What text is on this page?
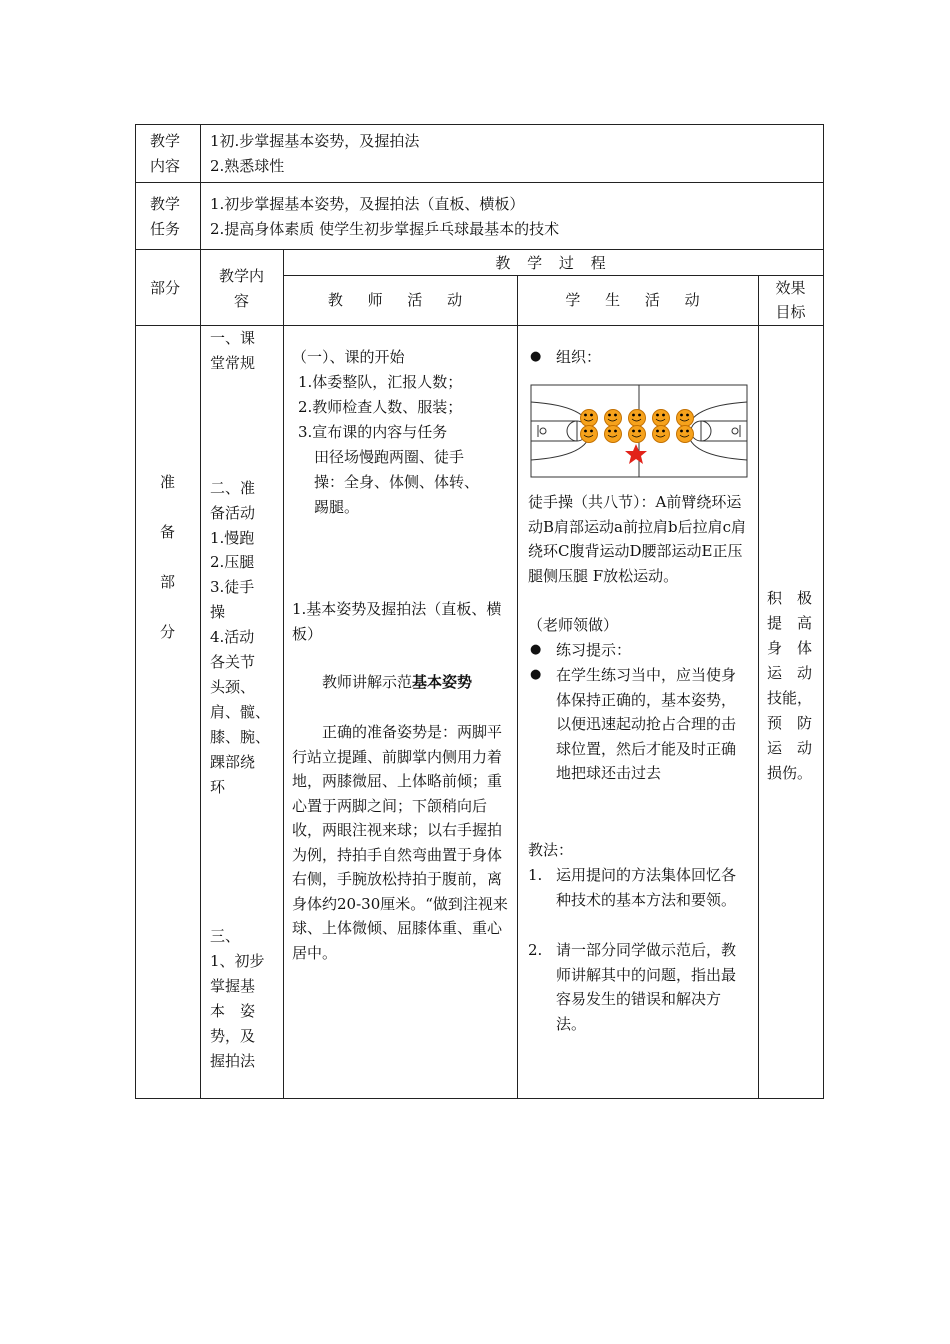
教学
内容
1初.步掌握基本姿势，及握拍法
2.熟悉球性
教学
任务
1.初步掌握基本姿势，及握拍法（直板、横板）
2.提高身体素质 使学生初步掌握乒乓球最基本的技术
部分
教学内
容
教 学 过 程
教 师 活 动	学 生 活 动
效果
目标
准
备
部
分
一、课
堂常规
二、准
备活动
1.慢跑
2.压腿
3.徒手
操
4.活动
各关节
头颈、
肩、髋、
膝、腕、
踝部绕
环
三、
1、初步
掌握基
本　姿
势，及
握拍法
（一）、课的开始
1.体委整队，汇报人数；
2.教师检查人数、服装；
3.宣布课的内容与任务
田径场慢跑两圈、徒手
操：全身、体侧、体转、
踢腿。
1.基本姿势及握拍法（直板、横板）
教师讲解示范基本姿势
正确的准备姿势是：两脚平行站立提踵、前脚掌内侧用力着地，两膝微屈、上体略前倾；重心置于两脚之间；下颌稍向后收，两眼注视来球；以右手握拍为例，持拍手自然弯曲置于身体右侧，手腕放松持拍于腹前，离身体约20-30厘米。“做到注视来球、上体微倾、屈膝体重、重心居中。
● 组织：
徒手操（共八节）：A前臂绕环运动B肩部运动a前拉肩b后拉肩c肩绕环C腹背运动D腰部运动E正压腿侧压腿 F放松运动。
（老师领做）
● 练习提示：
● 在学生练习当中，应当使身体保持正确的，基本姿势，以便迅速起动抢占合理的击球位置，然后才能及时正确地把球还击过去
教法：
1. 运用提问的方法集体回忆各种技术的基本方法和要领。
2. 请一部分同学做示范后，教师讲解其中的问题，指出最容易发生的错误和解决方法。
积　极
提　高
身　体
运　动
技能，
预　防
运　动
损伤。
